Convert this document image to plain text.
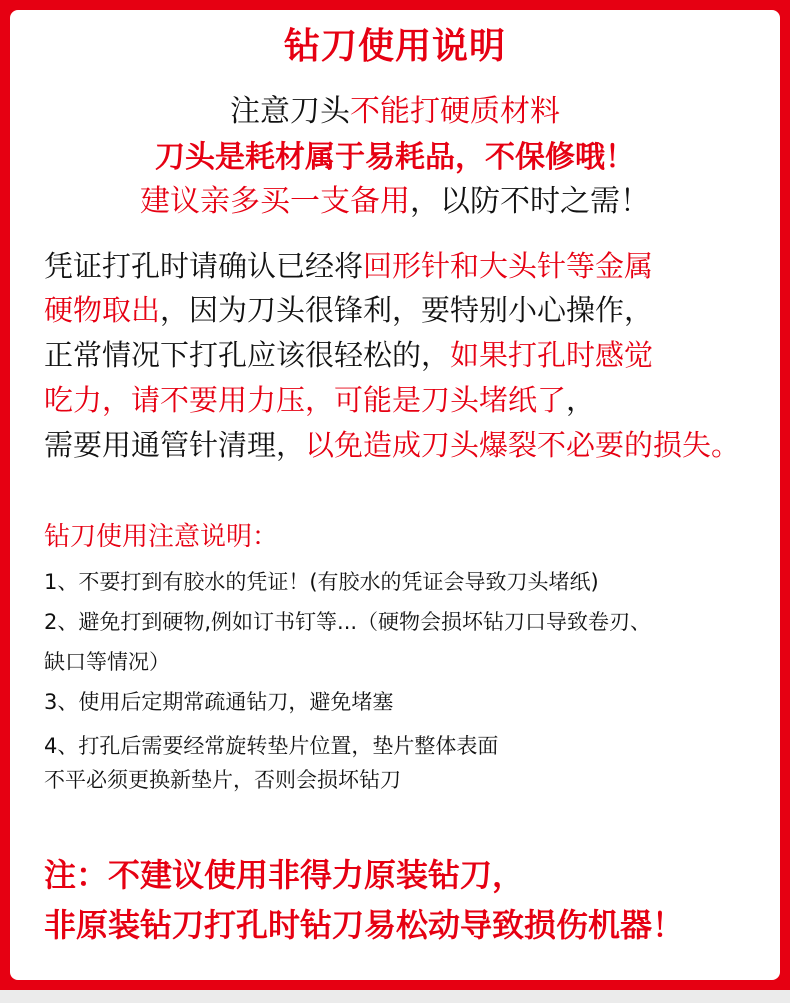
钻刀使用说明
注意刀头不能打硬质材料
刀头是耗材属于易耗品，不保修哦！
建议亲多买一支备用，以防不时之需！
凭证打孔时请确认已经将回形针和大头针等金属
硬物取出，因为刀头很锋利，要特别小心操作，
正常情况下打孔应该很轻松的，如果打孔时感觉
吃力，请不要用力压，可能是刀头堵纸了，
需要用通管针清理，以免造成刀头爆裂不必要的损失。
钻刀使用注意说明：
1、不要打到有胶水的凭证！(有胶水的凭证会导致刀头堵纸)
2、避免打到硬物,例如订书钉等...（硬物会损坏钻刀口导致卷刃、
缺口等情况）
3、使用后定期常疏通钻刀，避免堵塞
4、打孔后需要经常旋转垫片位置，垫片整体表面
不平必须更换新垫片，否则会损坏钻刀
注：不建议使用非得力原装钻刀，
非原装钻刀打孔时钻刀易松动导致损伤机器！
